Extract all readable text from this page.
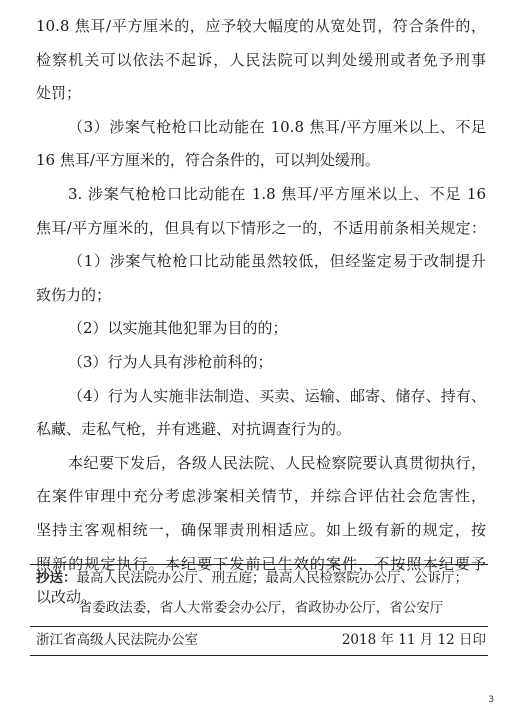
10.8 焦耳/平方厘米的，应予较大幅度的从宽处罚，符合条件的，
检察机关可以依法不起诉，人民法院可以判处缓刑或者免予刑事
处罚；
（3）涉案气枪枪口比动能在 10.8 焦耳/平方厘米以上、不足
16 焦耳/平方厘米的，符合条件的，可以判处缓刑。
3. 涉案气枪枪口比动能在 1.8 焦耳/平方厘米以上、不足 16
焦耳/平方厘米的，但具有以下情形之一的，不适用前条相关规定：
（1）涉案气枪枪口比动能虽然较低，但经鉴定易于改制提升
致伤力的；
（2）以实施其他犯罪为目的的；
（3）行为人具有涉枪前科的；
（4）行为人实施非法制造、买卖、运输、邮寄、储存、持有、
私藏、走私气枪，并有逃避、对抗调查行为的。
本纪要下发后，各级人民法院、人民检察院要认真贯彻执行，
在案件审理中充分考虑涉案相关情节，并综合评估社会危害性，
坚持主客观相统一，确保罪责刑相适应。如上级有新的规定，按
照新的规定执行。本纪要下发前已生效的案件，不按照本纪要予
以改动。
抄送：最高人民法院办公厅、刑五庭；最高人民检察院办公厅、公诉厅；
省委政法委，省人大常委会办公厅，省政协办公厅，省公安厅
浙江省高级人民法院办公室	2018 年 11 月 12 日印
3
